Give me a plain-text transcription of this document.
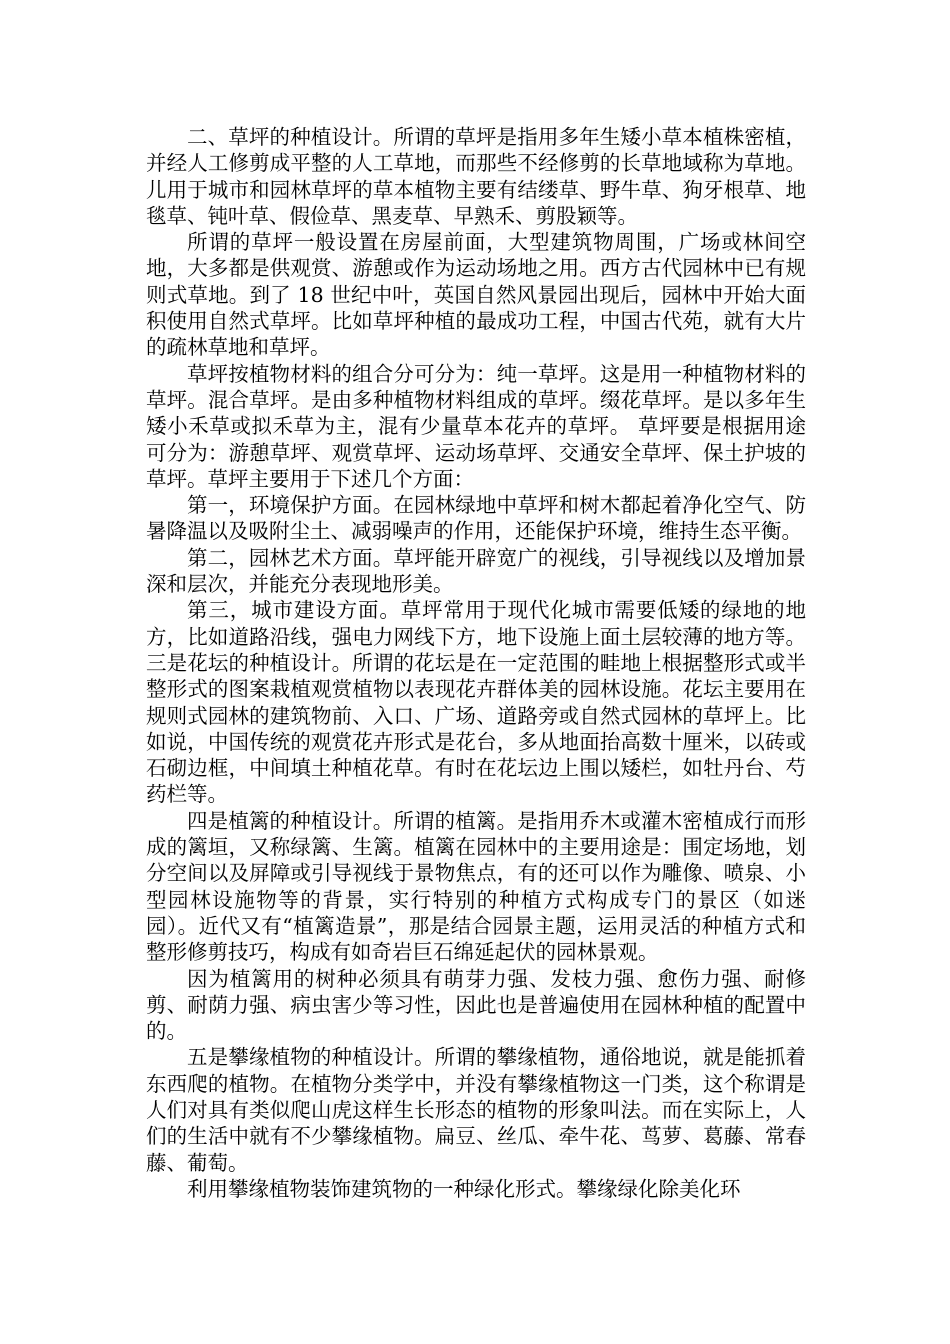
二、草坪的种植设计。所谓的草坪是指用多年生矮小草本植株密植，并经人工修剪成平整的人工草地，而那些不经修剪的长草地域称为草地。儿用于城市和园林草坪的草本植物主要有结缕草、野牛草、狗牙根草、地毯草、钝叶草、假俭草、黑麦草、早熟禾、剪股颖等。

所谓的草坪一般设置在房屋前面，大型建筑物周围，广场或林间空地，大多都是供观赏、游憩或作为运动场地之用。西方古代园林中已有规则式草地。到了 18 世纪中叶，英国自然风景园出现后，园林中开始大面积使用自然式草坪。比如草坪种植的最成功工程，中国古代苑，就有大片的疏林草地和草坪。

草坪按植物材料的组合分可分为：纯一草坪。这是用一种植物材料的草坪。混合草坪。是由多种植物材料组成的草坪。缀花草坪。是以多年生矮小禾草或拟禾草为主，混有少量草本花卉的草坪。 草坪要是根据用途可分为：游憩草坪、观赏草坪、运动场草坪、交通安全草坪、保土护坡的草坪。草坪主要用于下述几个方面：

第一，环境保护方面。在园林绿地中草坪和树木都起着净化空气、防暑降温以及吸附尘土、减弱噪声的作用，还能保护环境，维持生态平衡。

第二，园林艺术方面。草坪能开辟宽广的视线，引导视线以及增加景深和层次，并能充分表现地形美。

第三，城市建设方面。草坪常用于现代化城市需要低矮的绿地的地方，比如道路沿线，强电力网线下方，地下设施上面土层较薄的地方等。三是花坛的种植设计。所谓的花坛是在一定范围的畦地上根据整形式或半整形式的图案栽植观赏植物以表现花卉群体美的园林设施。花坛主要用在规则式园林的建筑物前、入口、广场、道路旁或自然式园林的草坪上。比如说，中国传统的观赏花卉形式是花台，多从地面抬高数十厘米，以砖或石砌边框，中间填土种植花草。有时在花坛边上围以矮栏，如牡丹台、芍药栏等。

四是植篱的种植设计。所谓的植篱。是指用乔木或灌木密植成行而形成的篱垣，又称绿篱、生篱。植篱在园林中的主要用途是：围定场地，划分空间以及屏障或引导视线于景物焦点，有的还可以作为雕像、喷泉、小型园林设施物等的背景，实行特别的种植方式构成专门的景区（如迷园）。近代又有“植篱造景”，那是结合园景主题，运用灵活的种植方式和整形修剪技巧，构成有如奇岩巨石绵延起伏的园林景观。

因为植篱用的树种必须具有萌芽力强、发枝力强、愈伤力强、耐修剪、耐荫力强、病虫害少等习性，因此也是普遍使用在园林种植的配置中的。

五是攀缘植物的种植设计。所谓的攀缘植物，通俗地说，就是能抓着东西爬的植物。在植物分类学中，并没有攀缘植物这一门类，这个称谓是人们对具有类似爬山虎这样生长形态的植物的形象叫法。而在实际上，人们的生活中就有不少攀缘植物。扁豆、丝瓜、牵牛花、茑萝、葛藤、常春藤、葡萄。

利用攀缘植物装饰建筑物的一种绿化形式。攀缘绿化除美化环
